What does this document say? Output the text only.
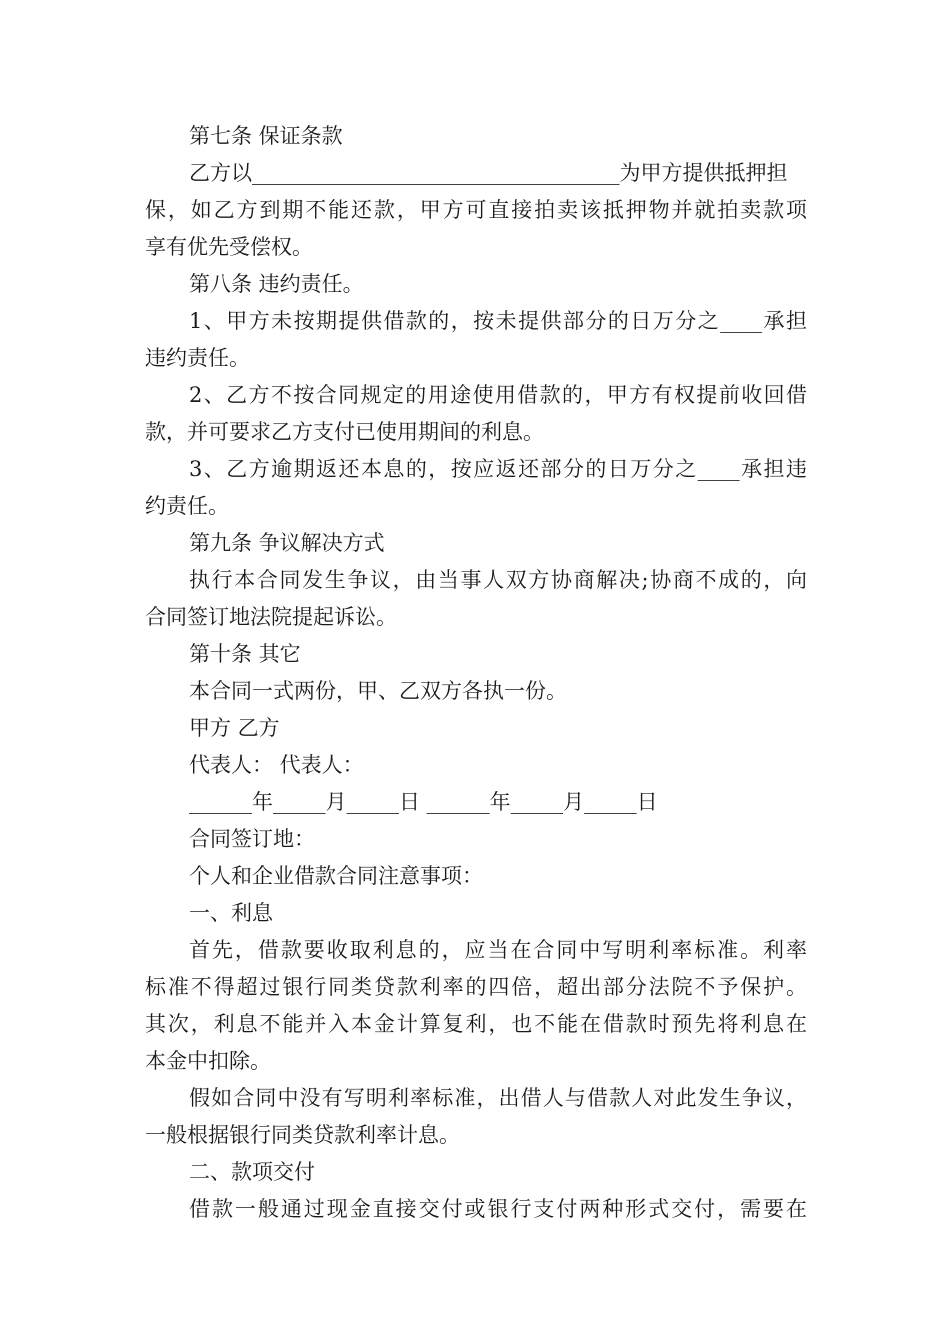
第七条 保证条款
乙方以___________________________________为甲方提供抵押担
保，如乙方到期不能还款，甲方可直接拍卖该抵押物并就拍卖款项
享有优先受偿权。
第八条 违约责任。
1、甲方未按期提供借款的，按未提供部分的日万分之____承担
违约责任。
2、乙方不按合同规定的用途使用借款的，甲方有权提前收回借
款，并可要求乙方支付已使用期间的利息。
3、乙方逾期返还本息的，按应返还部分的日万分之____承担违
约责任。
第九条 争议解决方式
执行本合同发生争议，由当事人双方协商解决;协商不成的，向
合同签订地法院提起诉讼。
第十条 其它
本合同一式两份，甲、乙双方各执一份。
甲方 乙方
代表人： 代表人：
______年_____月_____日 ______年_____月_____日
合同签订地：
个人和企业借款合同注意事项：
一、利息
首先，借款要收取利息的，应当在合同中写明利率标准。利率
标准不得超过银行同类贷款利率的四倍，超出部分法院不予保护。
其次，利息不能并入本金计算复利，也不能在借款时预先将利息在
本金中扣除。
假如合同中没有写明利率标准，出借人与借款人对此发生争议，
一般根据银行同类贷款利率计息。
二、款项交付
借款一般通过现金直接交付或银行支付两种形式交付，需要在
